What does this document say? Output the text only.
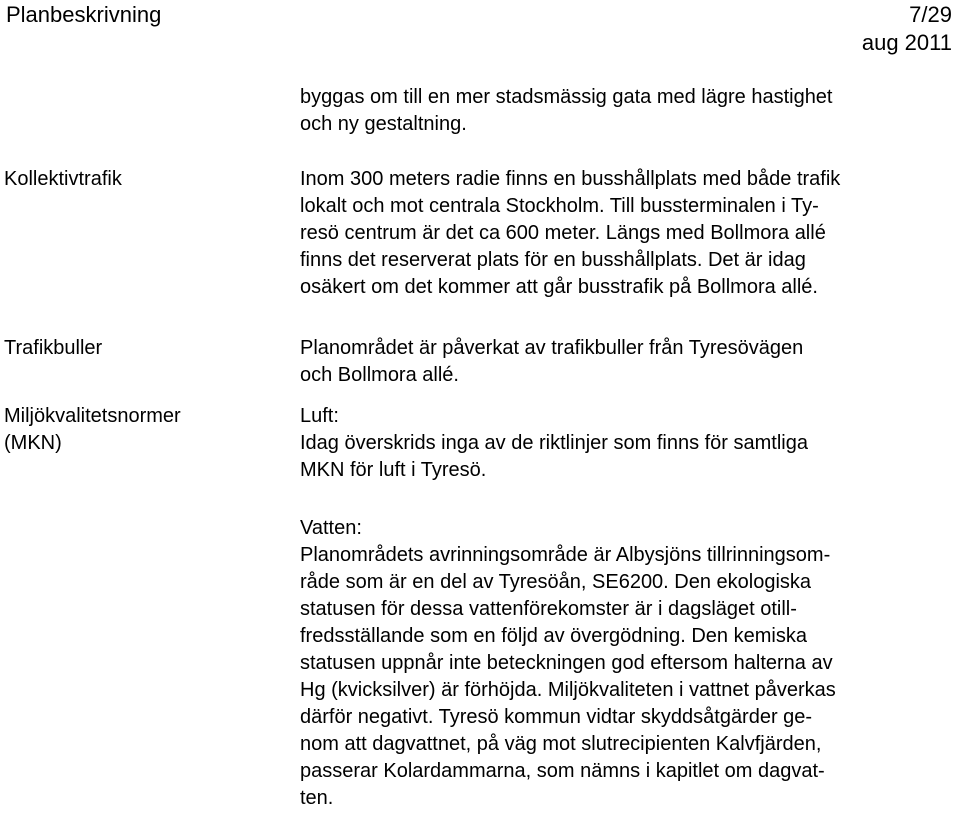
Planbeskrivning	7/29
aug 2011
Kollektivtrafik
Trafikbuller
Miljökvalitetsnormer
(MKN)
byggas om till en mer stadsmässig gata med lägre hastighet
och ny gestaltning.
Inom 300 meters radie finns en busshållplats med både trafik
lokalt och mot centrala Stockholm. Till bussterminalen i Ty-
resö centrum är det ca 600 meter. Längs med Bollmora allé
finns det reserverat plats för en busshållplats. Det är idag
osäkert om det kommer att går busstrafik på Bollmora allé.
Planområdet är påverkat av trafikbuller från Tyresövägen
och Bollmora allé.
Luft:
Idag överskrids inga av de riktlinjer som finns för samtliga
MKN för luft i Tyresö.
Vatten:
Planområdets avrinningsområde är Albysjöns tillrinningsom-
råde som är en del av Tyresöån, SE6200. Den ekologiska
statusen för dessa vattenförekomster är i dagsläget otill-
fredsställande som en följd av övergödning. Den kemiska
statusen uppnår inte beteckningen god eftersom halterna av
Hg (kvicksilver) är förhöjda. Miljökvaliteten i vattnet påverkas
därför negativt. Tyresö kommun vidtar skyddsåtgärder ge-
nom att dagvattnet, på väg mot slutrecipienten Kalvfjärden,
passerar Kolardammarna, som nämns i kapitlet om dagvat-
ten.
